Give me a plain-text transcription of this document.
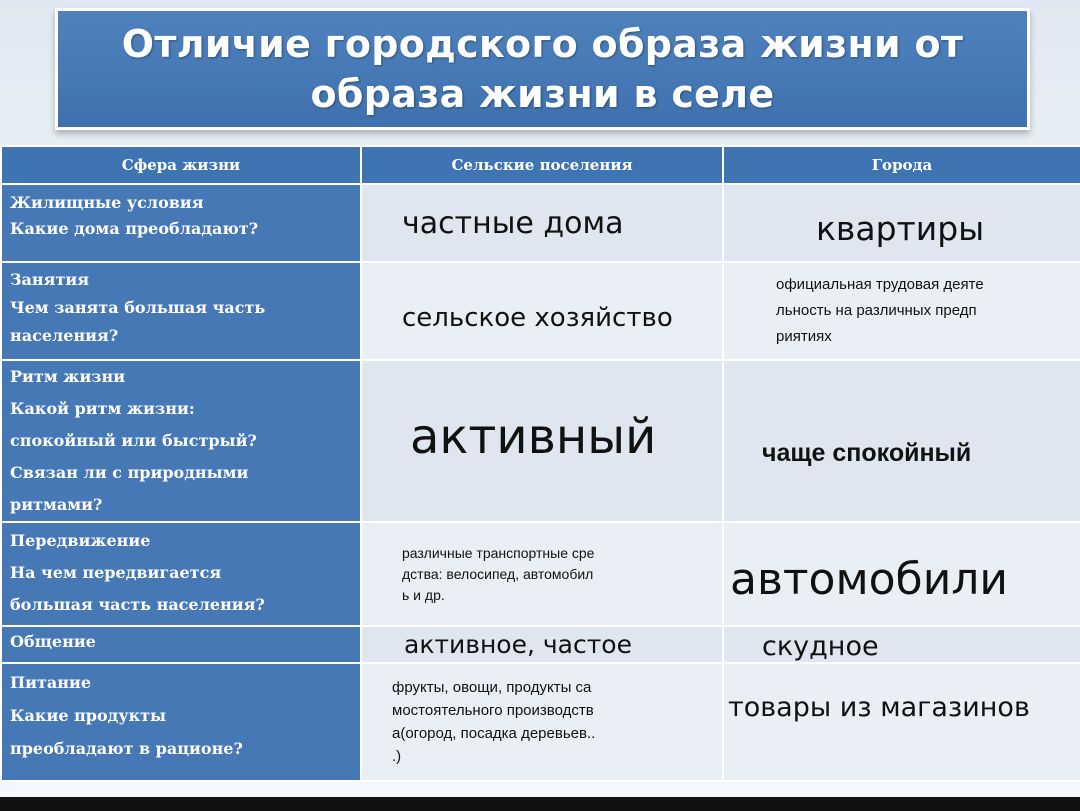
Отличие городского образа жизни от
образа жизни в селе
Сфера жизни	Сельские поселения	Города

Жилищные условия
Какие дома преобладают?	частные дома	квартиры

Занятия
Чем занята большая часть
населения?	сельское хозяйство	официальная трудовая деяте
льность на различных предп
риятиях

Ритм жизни
Какой ритм жизни:
спокойный или быстрый?
Связан ли с природными
ритмами?	активный	чаще спокойный

Передвижение
На чем передвигается
большая часть населения?	различные транспортные сре
дства: велосипед, автомобил
ь и др.	автомобили

Общение	активное, частое	скудное

Питание
Какие продукты
преобладают в рационе?	фрукты, овощи, продукты са
мостоятельного производств
а(огород, посадка деревьев..
.)	товары из магазинов
